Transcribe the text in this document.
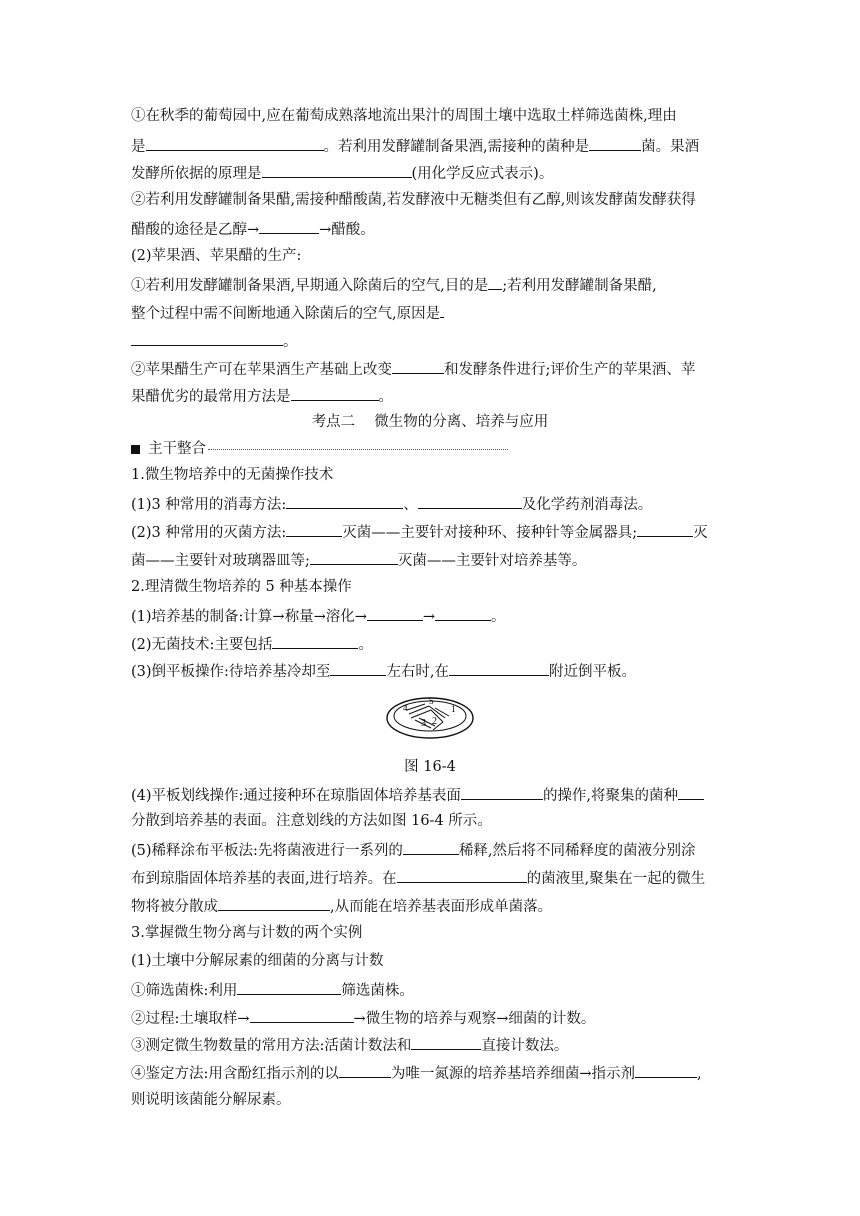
①在秋季的葡萄园中,应在葡萄成熟落地流出果汁的周围土壤中选取土样筛选菌株,理由
是	。若利用发酵罐制备果酒,需接种的菌种是	菌。果酒
发酵所依据的原理是	(用化学反应式表示)。
②若利用发酵罐制备果醋,需接种醋酸菌,若发酵液中无糖类但有乙醇,则该发酵菌发酵获得
醋酸的途径是乙醇→	→醋酸。
(2)苹果酒、苹果醋的生产:
①若利用发酵罐制备果酒,早期通入除菌后的空气,目的是 ;若利用发酵罐制备果醋,
整个过程中需不间断地通入除菌后的空气,原因是
。
②苹果醋生产可在苹果酒生产基础上改变	和发酵条件进行;评价生产的苹果酒、苹
果醋优劣的最常用方法是	。
考点二　 微生物的分离、培养与应用
主干整合
1.微生物培养中的无菌操作技术
(1)3 种常用的消毒方法:	、	及化学药剂消毒法。
(2)3 种常用的灭菌方法:	灭菌——主要针对接种环、接种针等金属器具;	灭
菌——主要针对玻璃器皿等;	灭菌——主要针对培养基等。
2.理清微生物培养的 5 种基本操作
(1)培养基的制备:计算→称量→溶化→	→	。
(2)无菌技术:主要包括	。
(3)倒平板操作:待培养基冷却至	左右时,在	附近倒平板。
4
5
1
3 2
图 16-4
(4)平板划线操作:通过接种环在琼脂固体培养基表面	的操作,将聚集的菌种
分散到培养基的表面。注意划线的方法如图 16-4 所示。
(5)稀释涂布平板法:先将菌液进行一系列的	稀释,然后将不同稀释度的菌液分别涂
布到琼脂固体培养基的表面,进行培养。在	的菌液里,聚集在一起的微生
物将被分散成	,从而能在培养基表面形成单菌落。
3.掌握微生物分离与计数的两个实例
(1)土壤中分解尿素的细菌的分离与计数
①筛选菌株:利用	筛选菌株。
②过程:土壤取样→	→微生物的培养与观察→细菌的计数。
③测定微生物数量的常用方法:活菌计数法和	直接计数法。
④鉴定方法:用含酚红指示剂的以	为唯一氮源的培养基培养细菌→指示剂	,
则说明该菌能分解尿素。
